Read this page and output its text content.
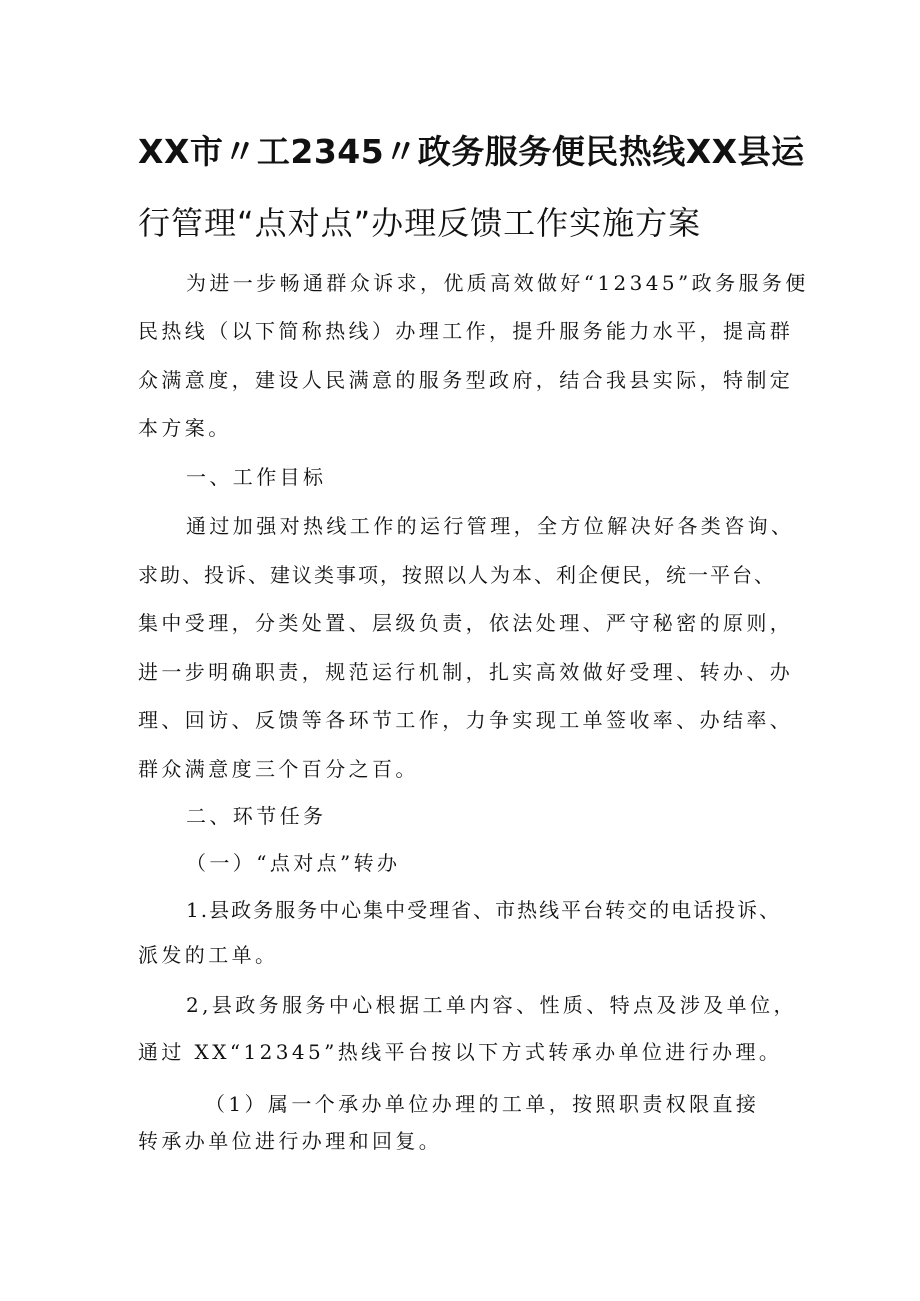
XX市〃工2345〃政务服务便民热线XX县运
行管理“点对点”办理反馈工作实施方案
为进一步畅通群众诉求，优质高效做好“12345”政务服务便
民热线（以下简称热线）办理工作，提升服务能力水平，提高群
众满意度，建设人民满意的服务型政府，结合我县实际，特制定
本方案。
一、工作目标
通过加强对热线工作的运行管理，全方位解决好各类咨询、
求助、投诉、建议类事项，按照以人为本、利企便民，统一平台、
集中受理，分类处置、层级负责，依法处理、严守秘密的原则，
进一步明确职责，规范运行机制，扎实高效做好受理、转办、办
理、回访、反馈等各环节工作，力争实现工单签收率、办结率、
群众满意度三个百分之百。
二、环节任务
（一）“点对点”转办
1.县政务服务中心集中受理省、市热线平台转交的电话投诉、
派发的工单。
2,县政务服务中心根据工单内容、性质、特点及涉及单位，
通过 XX“12345”热线平台按以下方式转承办单位进行办理。
（1）属一个承办单位办理的工单，按照职责权限直接
转承办单位进行办理和回复。
